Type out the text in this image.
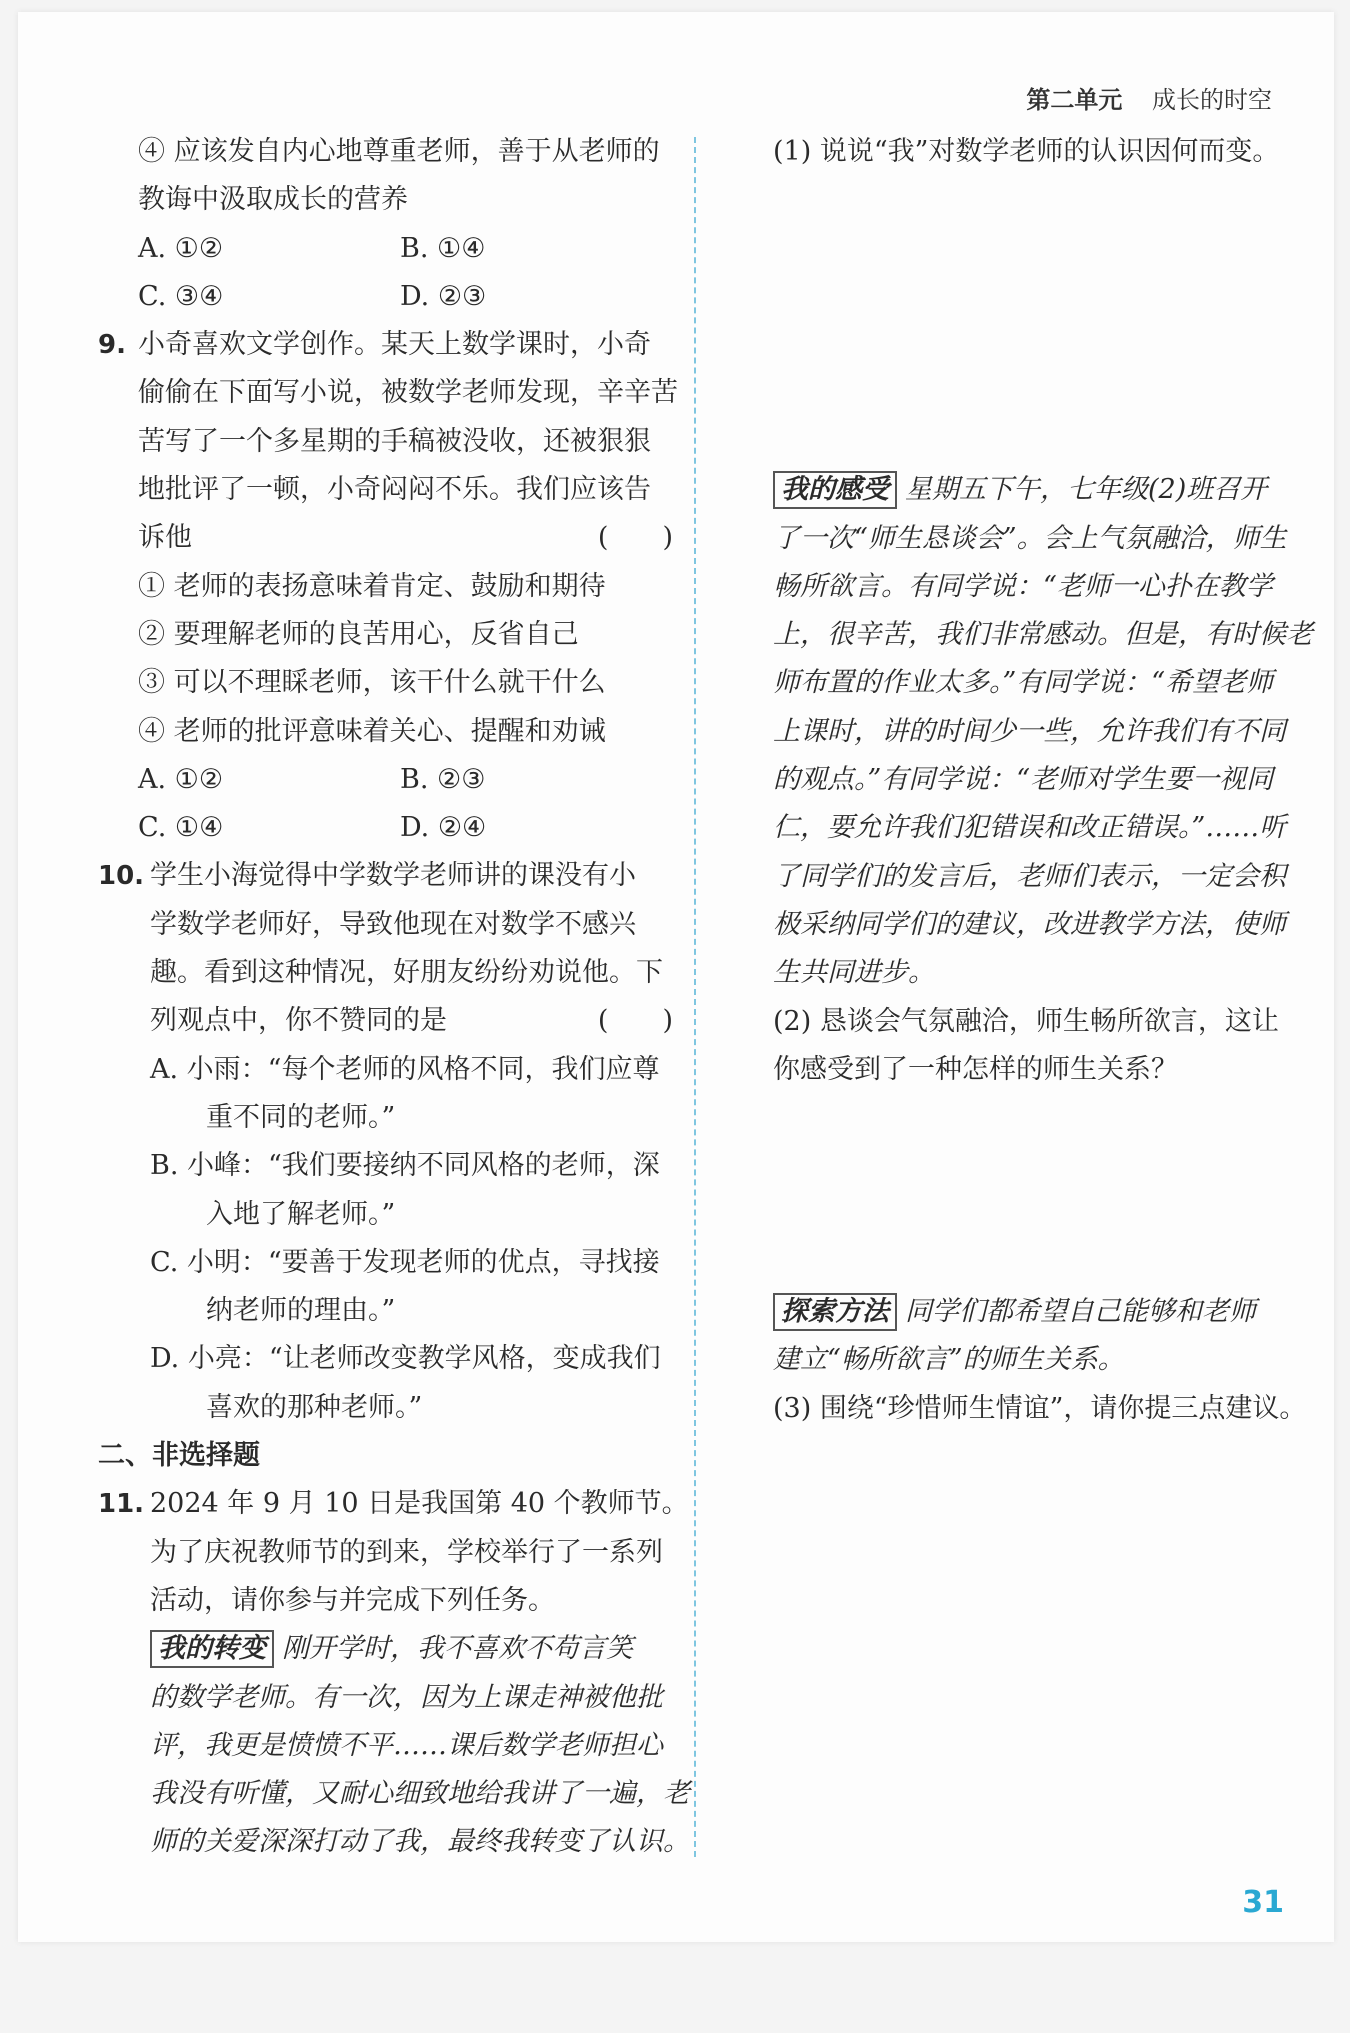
第二单元 成长的时空
④ 应该发自内心地尊重老师，善于从老师的
教诲中汲取成长的营养
A. ①②	B. ①④
C. ③④	D. ②③
9. 小奇喜欢文学创作。某天上数学课时，小奇
偷偷在下面写小说，被数学老师发现，辛辛苦
苦写了一个多星期的手稿被没收，还被狠狠
地批评了一顿，小奇闷闷不乐。我们应该告
诉他	(　　)
① 老师的表扬意味着肯定、鼓励和期待
② 要理解老师的良苦用心，反省自己
③ 可以不理睬老师，该干什么就干什么
④ 老师的批评意味着关心、提醒和劝诫
A. ①②	B. ②③
C. ①④	D. ②④
10. 学生小海觉得中学数学老师讲的课没有小
学数学老师好，导致他现在对数学不感兴
趣。看到这种情况，好朋友纷纷劝说他。下
列观点中，你不赞同的是	(　　)
A. 小雨：“每个老师的风格不同，我们应尊
重不同的老师。”
B. 小峰：“我们要接纳不同风格的老师，深
入地了解老师。”
C. 小明：“要善于发现老师的优点，寻找接
纳老师的理由。”
D. 小亮：“让老师改变教学风格，变成我们
喜欢的那种老师。”
二、非选择题
11. 2024 年 9 月 10 日是我国第 40 个教师节。
为了庆祝教师节的到来，学校举行了一系列
活动，请你参与并完成下列任务。
我的转变 刚开学时，我不喜欢不苟言笑
的数学老师。有一次，因为上课走神被他批
评，我更是愤愤不平……课后数学老师担心
我没有听懂，又耐心细致地给我讲了一遍，老
师的关爱深深打动了我，最终我转变了认识。
(1) 说说“我”对数学老师的认识因何而变。
我的感受 星期五下午，七年级(2)班召开
了一次“师生恳谈会”。会上气氛融洽，师生
畅所欲言。有同学说：“老师一心扑在教学
上，很辛苦，我们非常感动。但是，有时候老
师布置的作业太多。”有同学说：“希望老师
上课时，讲的时间少一些，允许我们有不同
的观点。”有同学说：“老师对学生要一视同
仁，要允许我们犯错误和改正错误。”……听
了同学们的发言后，老师们表示，一定会积
极采纳同学们的建议，改进教学方法，使师
生共同进步。
(2) 恳谈会气氛融洽，师生畅所欲言，这让
你感受到了一种怎样的师生关系？
探索方法 同学们都希望自己能够和老师
建立“畅所欲言”的师生关系。
(3) 围绕“珍惜师生情谊”，请你提三点建议。
31
